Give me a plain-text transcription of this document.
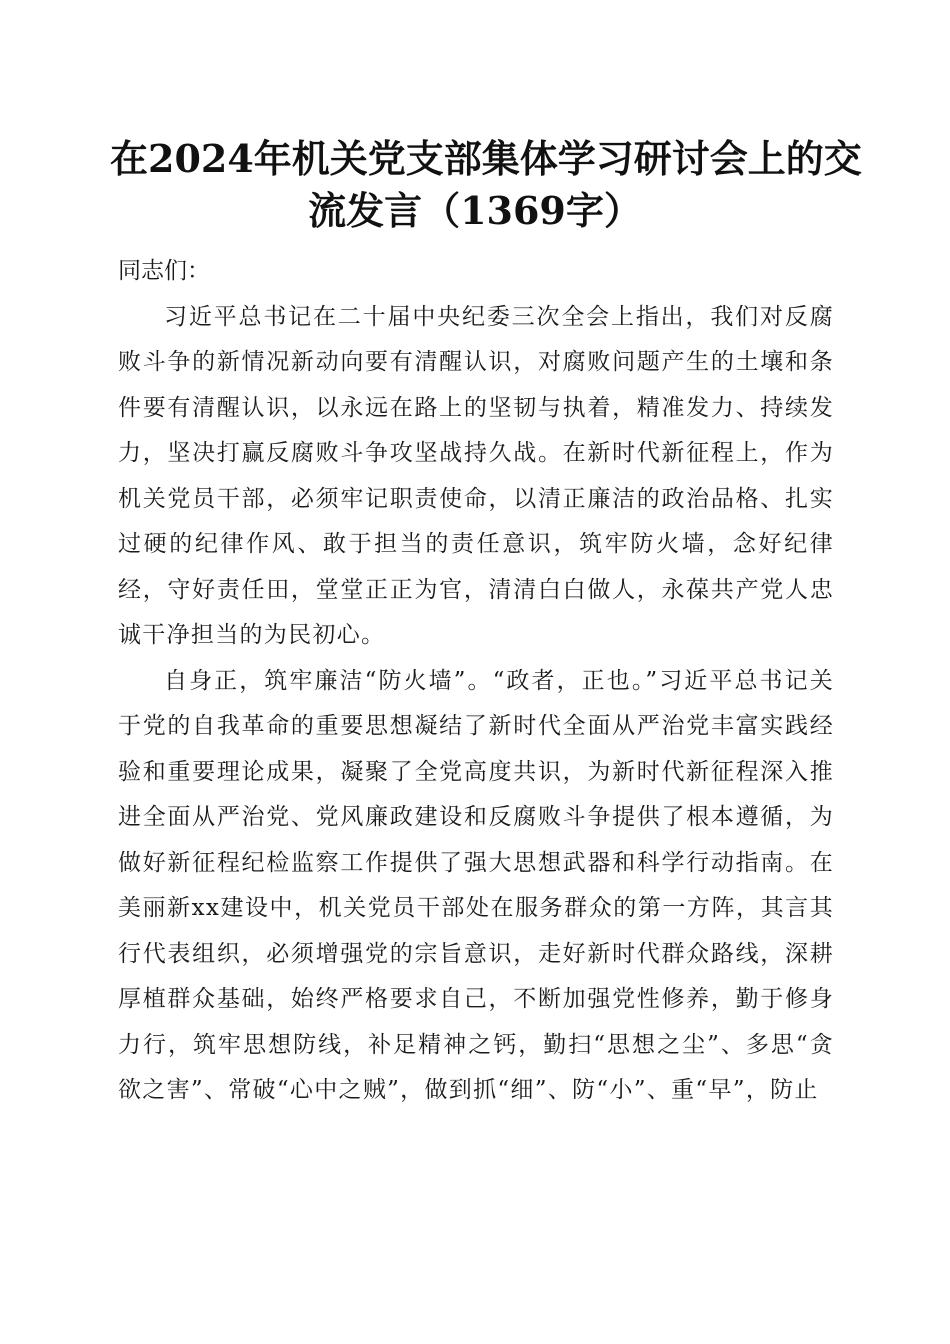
在2024年机关党支部集体学习研讨会上的交
流发言（1369字）
同志们：

习近平总书记在二十届中央纪委三次全会上指出，我们对反腐败斗争的新情况新动向要有清醒认识，对腐败问题产生的土壤和条件要有清醒认识，以永远在路上的坚韧与执着，精准发力、持续发力，坚决打赢反腐败斗争攻坚战持久战。在新时代新征程上，作为机关党员干部，必须牢记职责使命，以清正廉洁的政治品格、扎实过硬的纪律作风、敢于担当的责任意识，筑牢防火墙，念好纪律经，守好责任田，堂堂正正为官，清清白白做人，永葆共产党人忠诚干净担当的为民初心。

自身正，筑牢廉洁“防火墙”。“政者，正也。”习近平总书记关于党的自我革命的重要思想凝结了新时代全面从严治党丰富实践经验和重要理论成果，凝聚了全党高度共识，为新时代新征程深入推进全面从严治党、党风廉政建设和反腐败斗争提供了根本遵循，为做好新征程纪检监察工作提供了强大思想武器和科学行动指南。在美丽新xx建设中，机关党员干部处在服务群众的第一方阵，其言其行代表组织，必须增强党的宗旨意识，走好新时代群众路线，深耕厚植群众基础，始终严格要求自己，不断加强党性修养，勤于修身力行，筑牢思想防线，补足精神之钙，勤扫“思想之尘”、多思“贪欲之害”、常破“心中之贼”，做到抓“细”、防“小”、重“早”，防止
